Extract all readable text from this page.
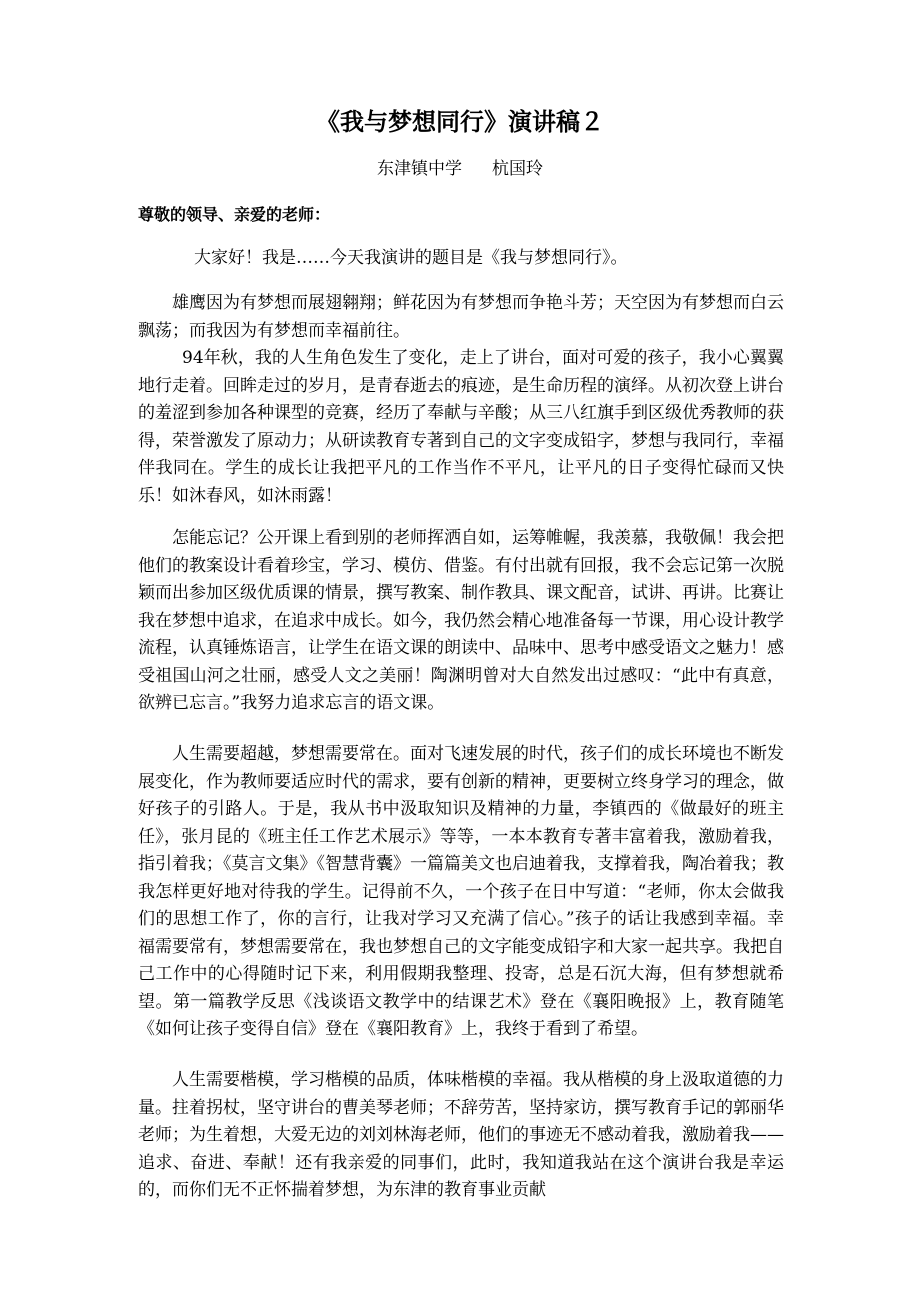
《我与梦想同行》演讲稿２
东津镇中学 杭国玲

尊敬的领导、亲爱的老师：

大家好！我是……今天我演讲的题目是《我与梦想同行》。

雄鹰因为有梦想而展翅翱翔；鲜花因为有梦想而争艳斗芳；天空因为有梦想而白云飘荡；而我因为有梦想而幸福前往。

94年秋，我的人生角色发生了变化，走上了讲台，面对可爱的孩子，我小心翼翼地行走着。回眸走过的岁月，是青春逝去的痕迹，是生命历程的演绎。从初次登上讲台的羞涩到参加各种课型的竞赛，经历了奉献与辛酸；从三八红旗手到区级优秀教师的获得，荣誉激发了原动力；从研读教育专著到自己的文字变成铅字，梦想与我同行，幸福伴我同在。学生的成长让我把平凡的工作当作不平凡，让平凡的日子变得忙碌而又快乐！如沐春风，如沐雨露！

怎能忘记？公开课上看到别的老师挥洒自如，运筹帷幄，我羡慕，我敬佩！我会把他们的教案设计看着珍宝，学习、模仿、借鉴。有付出就有回报，我不会忘记第一次脱颖而出参加区级优质课的情景，撰写教案、制作教具、课文配音，试讲、再讲。比赛让我在梦想中追求，在追求中成长。如今，我仍然会精心地准备每一节课，用心设计教学流程，认真锤炼语言，让学生在语文课的朗读中、品味中、思考中感受语文之魅力！感受祖国山河之壮丽，感受人文之美丽！陶渊明曾对大自然发出过感叹：“此中有真意，欲辨已忘言。”我努力追求忘言的语文课。

人生需要超越，梦想需要常在。面对飞速发展的时代，孩子们的成长环境也不断发展变化，作为教师要适应时代的需求，要有创新的精神，更要树立终身学习的理念，做好孩子的引路人。于是，我从书中汲取知识及精神的力量，李镇西的《做最好的班主任》，张月昆的《班主任工作艺术展示》等等，一本本教育专著丰富着我，激励着我，指引着我；《莫言文集》《智慧背囊》一篇篇美文也启迪着我，支撑着我，陶冶着我；教我怎样更好地对待我的学生。记得前不久，一个孩子在日中写道：“老师，你太会做我们的思想工作了，你的言行，让我对学习又充满了信心。”孩子的话让我感到幸福。幸福需要常有，梦想需要常在，我也梦想自己的文字能变成铅字和大家一起共享。我把自己工作中的心得随时记下来，利用假期我整理、投寄，总是石沉大海，但有梦想就希望。第一篇教学反思《浅谈语文教学中的结课艺术》登在《襄阳晚报》上，教育随笔《如何让孩子变得自信》登在《襄阳教育》上，我终于看到了希望。

人生需要楷模，学习楷模的品质，体味楷模的幸福。我从楷模的身上汲取道德的力量。拄着拐杖，坚守讲台的曹美琴老师；不辞劳苦，坚持家访，撰写教育手记的郭丽华老师；为生着想，大爱无边的刘刘林海老师，他们的事迹无不感动着我，激励着我——追求、奋进、奉献！还有我亲爱的同事们，此时，我知道我站在这个演讲台我是幸运的，而你们无不正怀揣着梦想，为东津的教育事业贡献
